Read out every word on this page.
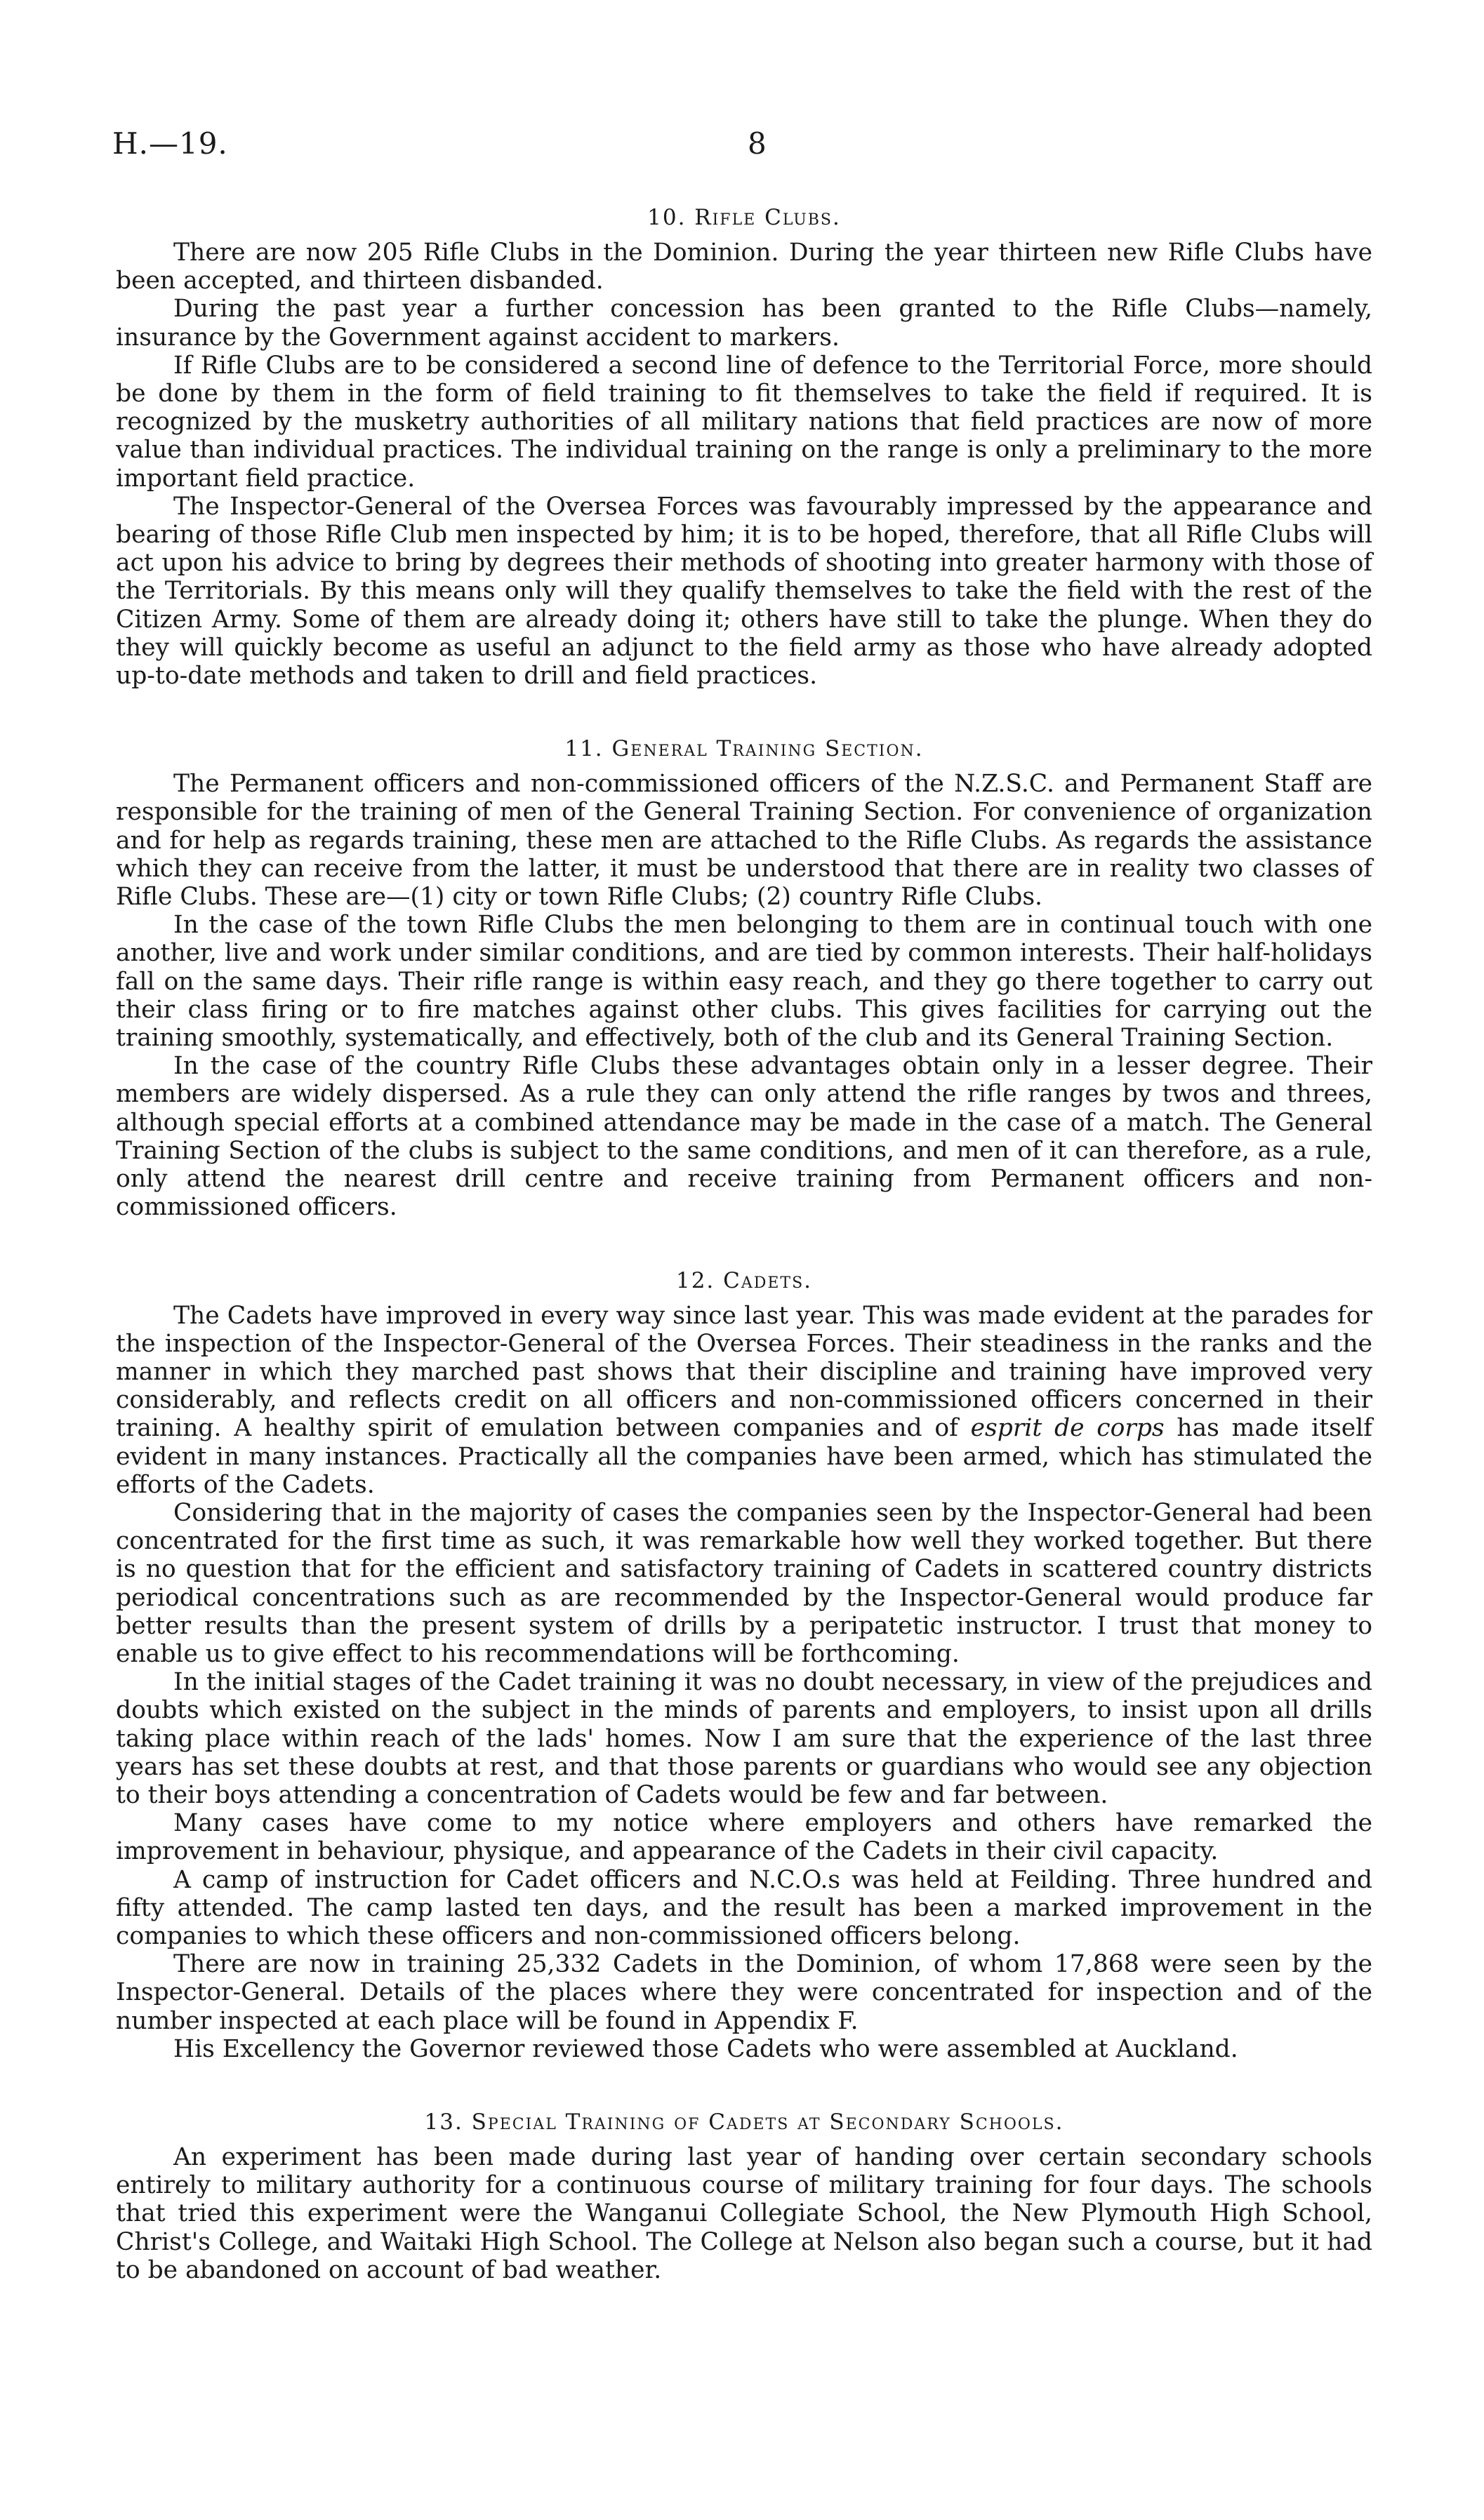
H.—19.	8
10. Rifle Clubs.

There are now 205 Rifle Clubs in the Dominion. During the year thirteen new Rifle Clubs have been accepted, and thirteen disbanded.

During the past year a further concession has been granted to the Rifle Clubs—namely, insurance by the Government against accident to markers.

If Rifle Clubs are to be considered a second line of defence to the Territorial Force, more should be done by them in the form of field training to fit themselves to take the field if required. It is recognized by the musketry authorities of all military nations that field practices are now of more value than individual practices. The individual training on the range is only a preliminary to the more important field practice.

The Inspector-General of the Oversea Forces was favourably impressed by the appearance and bearing of those Rifle Club men inspected by him; it is to be hoped, therefore, that all Rifle Clubs will act upon his advice to bring by degrees their methods of shooting into greater harmony with those of the Territorials. By this means only will they qualify themselves to take the field with the rest of the Citizen Army. Some of them are already doing it; others have still to take the plunge. When they do they will quickly become as useful an adjunct to the field army as those who have already adopted up-to-date methods and taken to drill and field practices.

11. General Training Section.

The Permanent officers and non-commissioned officers of the N.Z.S.C. and Permanent Staff are responsible for the training of men of the General Training Section. For convenience of organization and for help as regards training, these men are attached to the Rifle Clubs. As regards the assistance which they can receive from the latter, it must be understood that there are in reality two classes of Rifle Clubs. These are—(1) city or town Rifle Clubs; (2) country Rifle Clubs.

In the case of the town Rifle Clubs the men belonging to them are in continual touch with one another, live and work under similar conditions, and are tied by common interests. Their half-holidays fall on the same days. Their rifle range is within easy reach, and they go there together to carry out their class firing or to fire matches against other clubs. This gives facilities for carrying out the training smoothly, systematically, and effectively, both of the club and its General Training Section.

In the case of the country Rifle Clubs these advantages obtain only in a lesser degree. Their members are widely dispersed. As a rule they can only attend the rifle ranges by twos and threes, although special efforts at a combined attendance may be made in the case of a match. The General Training Section of the clubs is subject to the same conditions, and men of it can therefore, as a rule, only attend the nearest drill centre and receive training from Permanent officers and non-commissioned officers.

12. Cadets.

The Cadets have improved in every way since last year. This was made evident at the parades for the inspection of the Inspector-General of the Oversea Forces. Their steadiness in the ranks and the manner in which they marched past shows that their discipline and training have improved very considerably, and reflects credit on all officers and non-commissioned officers concerned in their training. A healthy spirit of emulation between companies and of esprit de corps has made itself evident in many instances. Practically all the companies have been armed, which has stimulated the efforts of the Cadets.

Considering that in the majority of cases the companies seen by the Inspector-General had been concentrated for the first time as such, it was remarkable how well they worked together. But there is no question that for the efficient and satisfactory training of Cadets in scattered country districts periodical concentrations such as are recommended by the Inspector-General would produce far better results than the present system of drills by a peripatetic instructor. I trust that money to enable us to give effect to his recommendations will be forthcoming.

In the initial stages of the Cadet training it was no doubt necessary, in view of the prejudices and doubts which existed on the subject in the minds of parents and employers, to insist upon all drills taking place within reach of the lads' homes. Now I am sure that the experience of the last three years has set these doubts at rest, and that those parents or guardians who would see any objection to their boys attending a concentration of Cadets would be few and far between.

Many cases have come to my notice where employers and others have remarked the improvement in behaviour, physique, and appearance of the Cadets in their civil capacity.

A camp of instruction for Cadet officers and N.C.O.s was held at Feilding. Three hundred and fifty attended. The camp lasted ten days, and the result has been a marked improvement in the companies to which these officers and non-commissioned officers belong.

There are now in training 25,332 Cadets in the Dominion, of whom 17,868 were seen by the Inspector-General. Details of the places where they were concentrated for inspection and of the number inspected at each place will be found in Appendix F.

His Excellency the Governor reviewed those Cadets who were assembled at Auckland.

13. Special Training of Cadets at Secondary Schools.

An experiment has been made during last year of handing over certain secondary schools entirely to military authority for a continuous course of military training for four days. The schools that tried this experiment were the Wanganui Collegiate School, the New Plymouth High School, Christ's College, and Waitaki High School. The College at Nelson also began such a course, but it had to be abandoned on account of bad weather.
